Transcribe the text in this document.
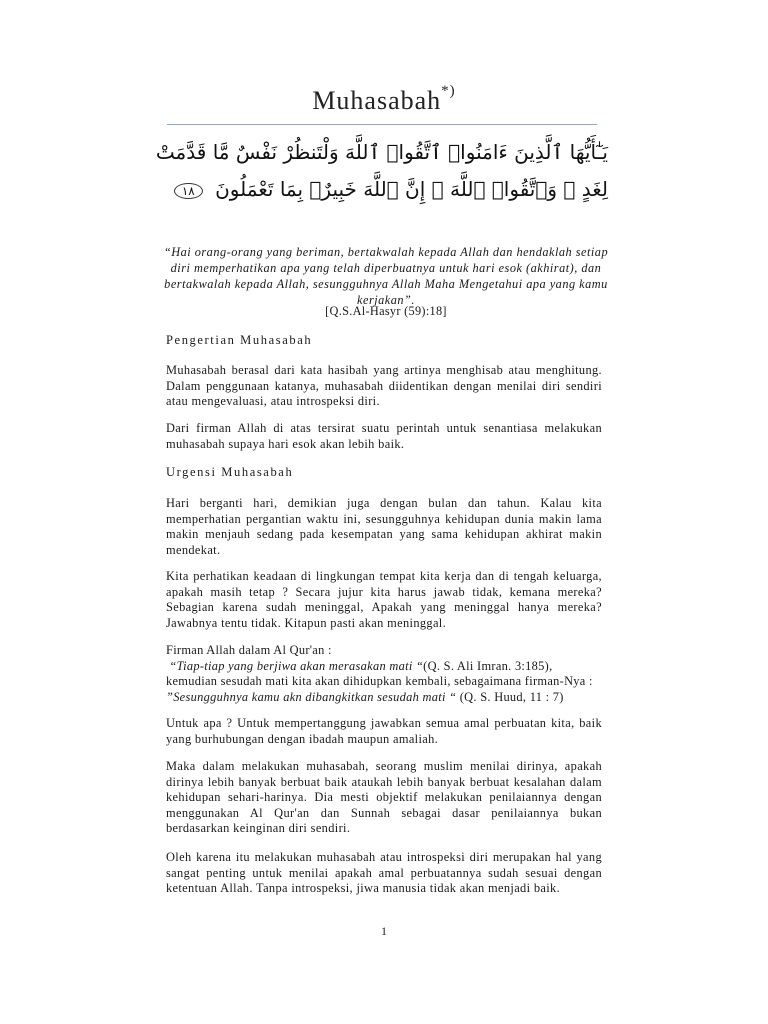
Muhasabah*)
يَـٰٓأَيُّهَا ٱلَّذِينَ ءَامَنُوا۟ ٱتَّقُوا۟ ٱللَّهَ وَلْتَنظُرْ نَفْسٌ مَّا قَدَّمَتْ
لِغَدٍ ۖ وَٱتَّقُوا۟ ٱللَّهَ ۚ إِنَّ ٱللَّهَ خَبِيرٌۢ بِمَا تَعْمَلُونَ ١٨
“Hai orang-orang yang beriman, bertakwalah kepada Allah dan hendaklah setiap diri memperhatikan apa yang telah diperbuatnya untuk hari esok (akhirat), dan bertakwalah kepada Allah, sesungguhnya Allah Maha Mengetahui apa yang kamu kerjakan”.
[Q.S.Al-Hasyr (59):18]
Pengertian Muhasabah
Muhasabah berasal dari kata hasibah yang artinya menghisab atau menghitung. Dalam penggunaan katanya, muhasabah diidentikan dengan menilai diri sendiri atau mengevaluasi, atau introspeksi diri.
Dari firman Allah di atas tersirat suatu perintah untuk senantiasa melakukan muhasabah supaya hari esok akan lebih baik.
Urgensi Muhasabah
Hari berganti hari, demikian juga dengan bulan dan tahun. Kalau kita memperhatian pergantian waktu ini, sesungguhnya kehidupan dunia makin lama makin menjauh sedang pada kesempatan yang sama kehidupan akhirat makin mendekat.
Kita perhatikan keadaan di lingkungan tempat kita kerja dan di tengah keluarga, apakah masih tetap ? Secara jujur kita harus jawab tidak, kemana mereka? Sebagian karena sudah meninggal, Apakah yang meninggal hanya mereka? Jawabnya tentu tidak. Kitapun pasti akan meninggal.
Firman Allah dalam Al Qur'an :
“Tiap-tiap yang berjiwa akan merasakan mati “(Q. S. Ali Imran. 3:185),
kemudian sesudah mati kita akan dihidupkan kembali, sebagaimana firman-Nya :
”Sesungguhnya kamu akn dibangkitkan sesudah mati “ (Q. S. Huud, 11 : 7)
Untuk apa ? Untuk mempertanggung jawabkan semua amal perbuatan kita, baik yang burhubungan dengan ibadah maupun amaliah.
Maka dalam melakukan muhasabah, seorang muslim menilai dirinya, apakah dirinya lebih banyak berbuat baik ataukah lebih banyak berbuat kesalahan dalam kehidupan sehari-harinya. Dia mesti objektif melakukan penilaiannya dengan menggunakan Al Qur'an dan Sunnah sebagai dasar penilaiannya bukan berdasarkan keinginan diri sendiri.
Oleh karena itu melakukan muhasabah atau introspeksi diri merupakan hal yang sangat penting untuk menilai apakah amal perbuatannya sudah sesuai dengan ketentuan Allah. Tanpa introspeksi, jiwa manusia tidak akan menjadi baik.
1
